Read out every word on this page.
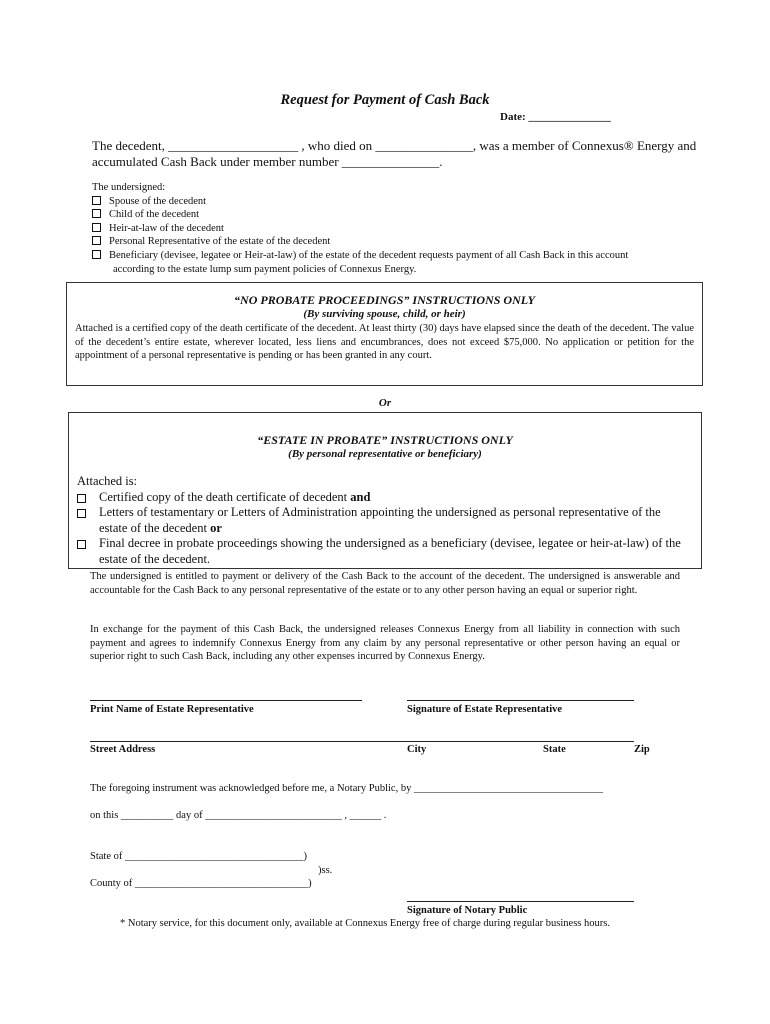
Request for Payment of Cash Back
Date: _______________
The decedent, ____________________ , who died on _______________, was a member of Connexus® Energy and
accumulated Cash Back under member number _______________.
The undersigned:
Spouse of the decedent
Child of the decedent
Heir-at-law of the decedent
Personal Representative of the estate of the decedent
Beneficiary (devisee, legatee or Heir-at-law) of the estate of the decedent requests payment of all Cash Back in this account
according to the estate lump sum payment policies of Connexus Energy.
“NO PROBATE PROCEEDINGS” INSTRUCTIONS ONLY
(By surviving spouse, child, or heir)
Attached is a certified copy of the death certificate of the decedent. At least thirty (30) days have elapsed since the death of the decedent. The value of the decedent’s entire estate, wherever located, less liens and encumbrances, does not exceed $75,000. No application or petition for the appointment of a personal representative is pending or has been granted in any court.
Or
“ESTATE IN PROBATE” INSTRUCTIONS ONLY
(By personal representative or beneficiary)
Attached is:
Certified copy of the death certificate of decedent and
Letters of testamentary or Letters of Administration appointing the undersigned as personal representative of the estate of the decedent or
Final decree in probate proceedings showing the undersigned as a beneficiary (devisee, legatee or heir-at-law) of the estate of the decedent.
The undersigned is entitled to payment or delivery of the Cash Back to the account of the decedent. The undersigned is answerable and accountable for the Cash Back to any personal representative of the estate or to any other person having an equal or superior right.
In exchange for the payment of this Cash Back, the undersigned releases Connexus Energy from all liability in connection with such payment and agrees to indemnify Connexus Energy from any claim by any personal representative or other person having an equal or superior right to such Cash Back, including any other expenses incurred by Connexus Energy.
Print Name of Estate Representative	Signature of Estate Representative
Street Address	City	State	Zip
The foregoing instrument was acknowledged before me, a Notary Public, by ____________________________________
on this __________ day of __________________________ , ______ .
State of __________________________________)
)ss.
County of _________________________________)
Signature of Notary Public
* Notary service, for this document only, available at Connexus Energy free of charge during regular business hours.
